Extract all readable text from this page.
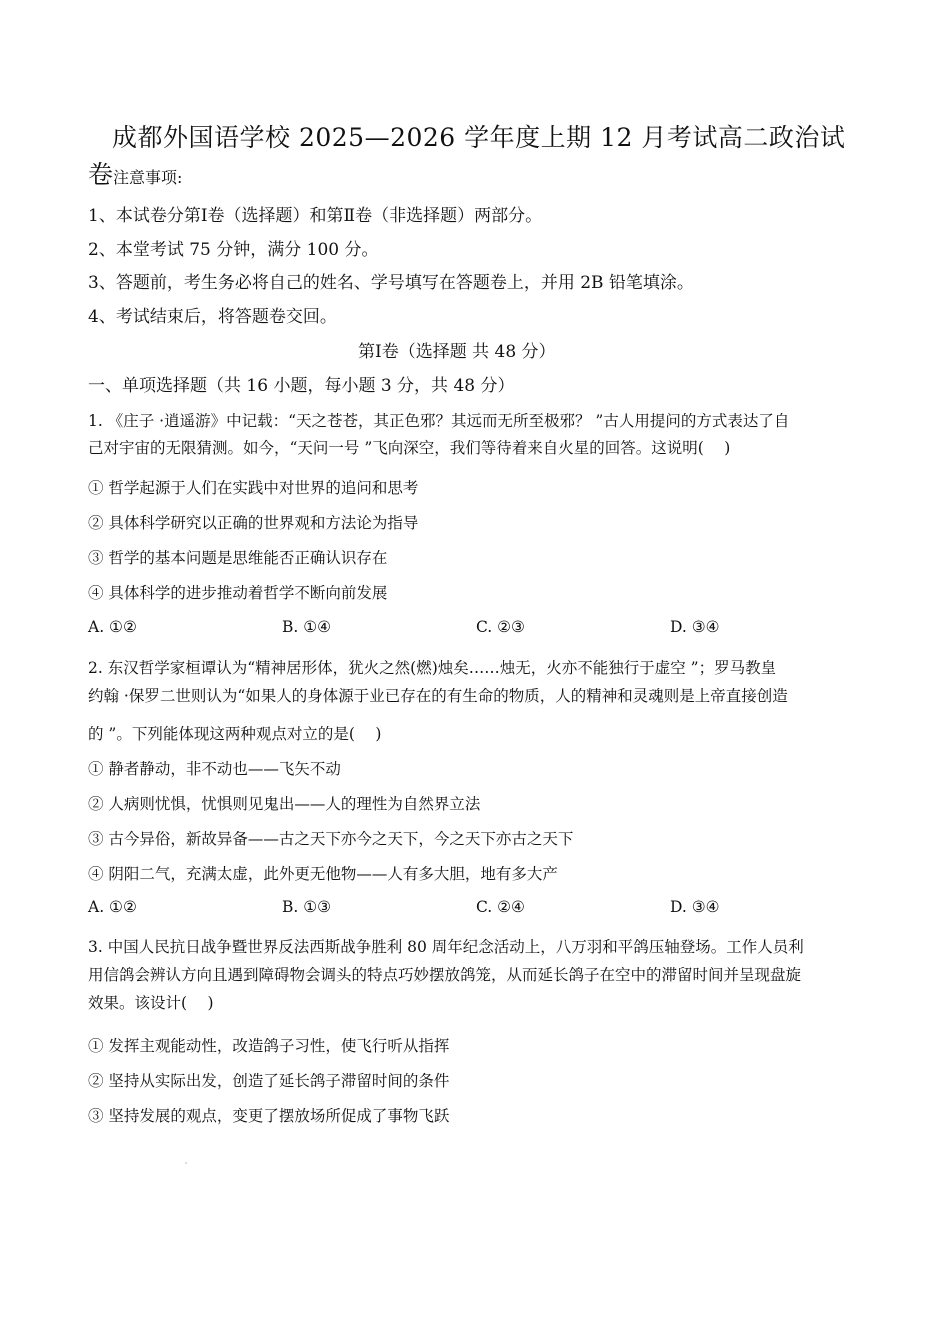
成都外国语学校 2025—2026 学年度上期 12 月考试高二政治试
卷注意事项:
1、本试卷分第Ⅰ卷（选择题）和第Ⅱ卷（非选择题）两部分。
2、本堂考试 75 分钟，满分 100 分。
3、答题前，考生务必将自己的姓名、学号填写在答题卷上，并用 2B 铅笔填涂。
4、考试结束后，将答题卷交回。
第Ⅰ卷（选择题 共 48 分）
一、单项选择题（共 16 小题，每小题 3 分，共 48 分）
1. 《庄子 ·逍遥游》中记载：“天之苍苍，其正色邪？其远而无所至极邪？ ”古人用提问的方式表达了自
己对宇宙的无限猜测。如今，“天问一号 ”飞向深空，我们等待着来自火星的回答。这说明(　 )
① 哲学起源于人们在实践中对世界的追问和思考
② 具体科学研究以正确的世界观和方法论为指导
③ 哲学的基本问题是思维能否正确认识存在
④ 具体科学的进步推动着哲学不断向前发展
A. ①②	B. ①④	C. ②③	D. ③④
2. 东汉哲学家桓谭认为“精神居形体，犹火之然(燃)烛矣……烛无，火亦不能独行于虚空 ”；罗马教皇
约翰 ·保罗二世则认为“如果人的身体源于业已存在的有生命的物质，人的精神和灵魂则是上帝直接创造
的 ”。下列能体现这两种观点对立的是(　 )
① 静者静动，非不动也——飞矢不动
② 人病则忧惧，忧惧则见鬼出——人的理性为自然界立法
③ 古今异俗，新故异备——古之天下亦今之天下，今之天下亦古之天下
④ 阴阳二气，充满太虚，此外更无他物——人有多大胆，地有多大产
A. ①②	B. ①③	C. ②④	D. ③④
3. 中国人民抗日战争暨世界反法西斯战争胜利 80 周年纪念活动上，八万羽和平鸽压轴登场。工作人员利
用信鸽会辨认方向且遇到障碍物会调头的特点巧妙摆放鸽笼，从而延长鸽子在空中的滞留时间并呈现盘旋
效果。该设计(　 )
① 发挥主观能动性，改造鸽子习性，使飞行听从指挥
② 坚持从实际出发，创造了延长鸽子滞留时间的条件
③ 坚持发展的观点，变更了摆放场所促成了事物飞跃
